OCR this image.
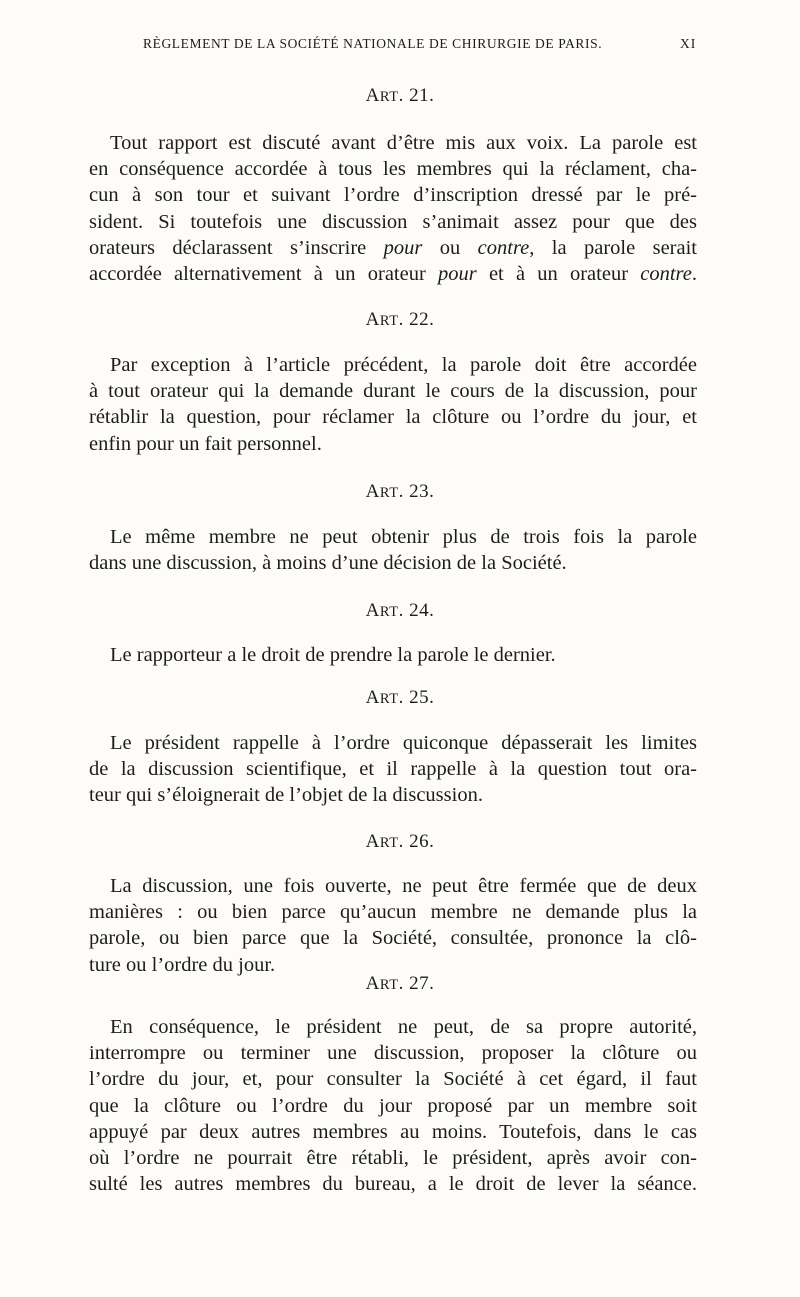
RÈGLEMENT DE LA SOCIÉTÉ NATIONALE DE CHIRURGIE DE PARIS.	XI
ART. 21.
Tout rapport est discuté avant d’être mis aux voix. La parole est
en conséquence accordée à tous les membres qui la réclament, cha-
cun à son tour et suivant l’ordre d’inscription dressé par le pré-
sident. Si toutefois une discussion s’animait assez pour que des
orateurs déclarassent s’inscrire pour ou contre, la parole serait
accordée alternativement à un orateur pour et à un orateur contre.
ART. 22.
Par exception à l’article précédent, la parole doit être accordée
à tout orateur qui la demande durant le cours de la discussion, pour
rétablir la question, pour réclamer la clôture ou l’ordre du jour, et
enfin pour un fait personnel.
ART. 23.
Le même membre ne peut obtenir plus de trois fois la parole
dans une discussion, à moins d’une décision de la Société.
ART. 24.
Le rapporteur a le droit de prendre la parole le dernier.
ART. 25.
Le président rappelle à l’ordre quiconque dépasserait les limites
de la discussion scientifique, et il rappelle à la question tout ora-
teur qui s’éloignerait de l’objet de la discussion.
ART. 26.
La discussion, une fois ouverte, ne peut être fermée que de deux
manières : ou bien parce qu’aucun membre ne demande plus la
parole, ou bien parce que la Société, consultée, prononce la clô-
ture ou l’ordre du jour.
ART. 27.
En conséquence, le président ne peut, de sa propre autorité,
interrompre ou terminer une discussion, proposer la clôture ou
l’ordre du jour, et, pour consulter la Société à cet égard, il faut
que la clôture ou l’ordre du jour proposé par un membre soit
appuyé par deux autres membres au moins. Toutefois, dans le cas
où l’ordre ne pourrait être rétabli, le président, après avoir con-
sulté les autres membres du bureau, a le droit de lever la séance.
